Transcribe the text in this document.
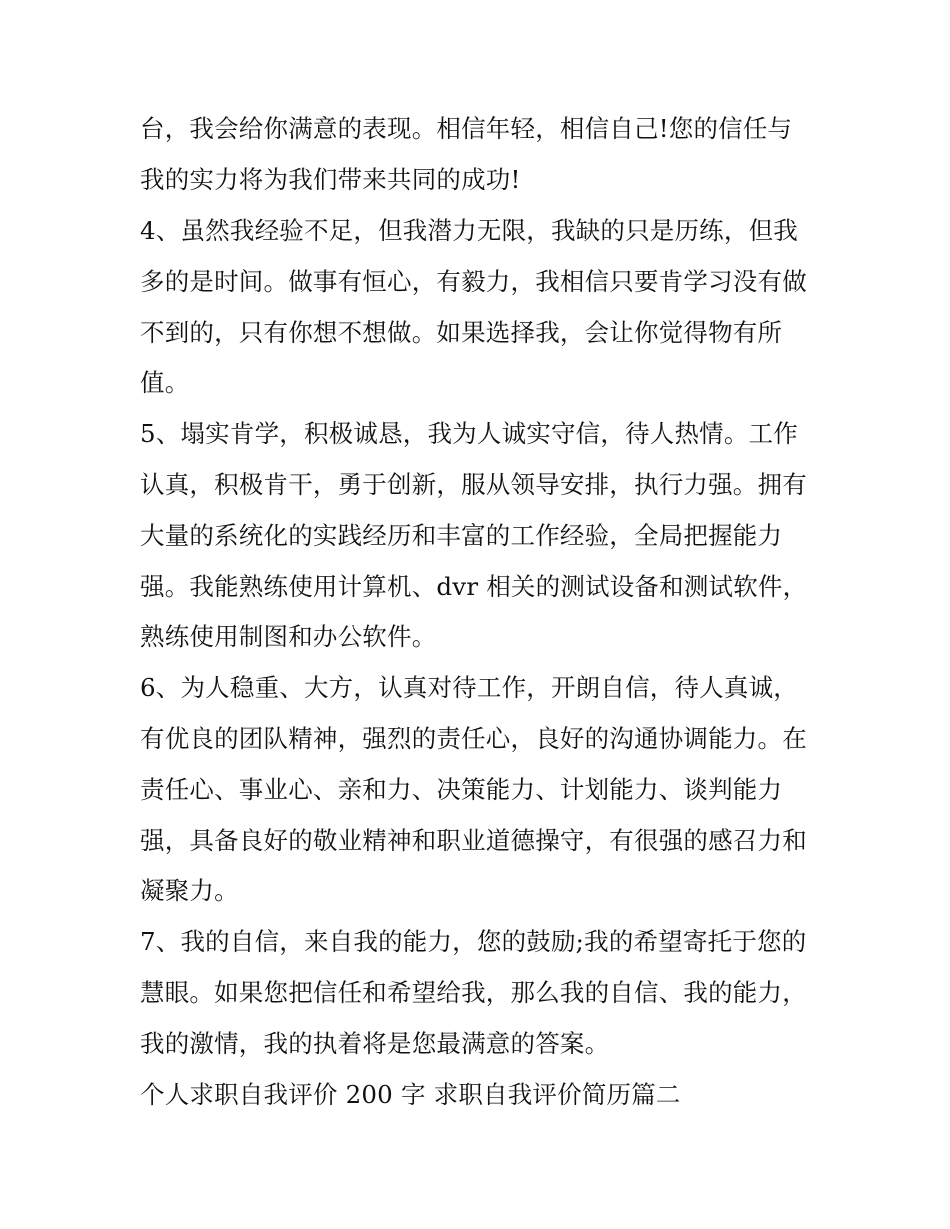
台，我会给你满意的表现。相信年轻，相信自己!您的信任与
我的实力将为我们带来共同的成功!
4、虽然我经验不足，但我潜力无限，我缺的只是历练，但我
多的是时间。做事有恒心，有毅力，我相信只要肯学习没有做
不到的，只有你想不想做。如果选择我，会让你觉得物有所
值。
5、塌实肯学，积极诚恳，我为人诚实守信，待人热情。工作
认真，积极肯干，勇于创新，服从领导安排，执行力强。拥有
大量的系统化的实践经历和丰富的工作经验，全局把握能力
强。我能熟练使用计算机、dvr 相关的测试设备和测试软件，
熟练使用制图和办公软件。
6、为人稳重、大方，认真对待工作，开朗自信，待人真诚，
有优良的团队精神，强烈的责任心，良好的沟通协调能力。在
责任心、事业心、亲和力、决策能力、计划能力、谈判能力
强，具备良好的敬业精神和职业道德操守，有很强的感召力和
凝聚力。
7、我的自信，来自我的能力，您的鼓励;我的希望寄托于您的
慧眼。如果您把信任和希望给我，那么我的自信、我的能力，
我的激情，我的执着将是您最满意的答案。
个人求职自我评价 200 字 求职自我评价简历篇二
